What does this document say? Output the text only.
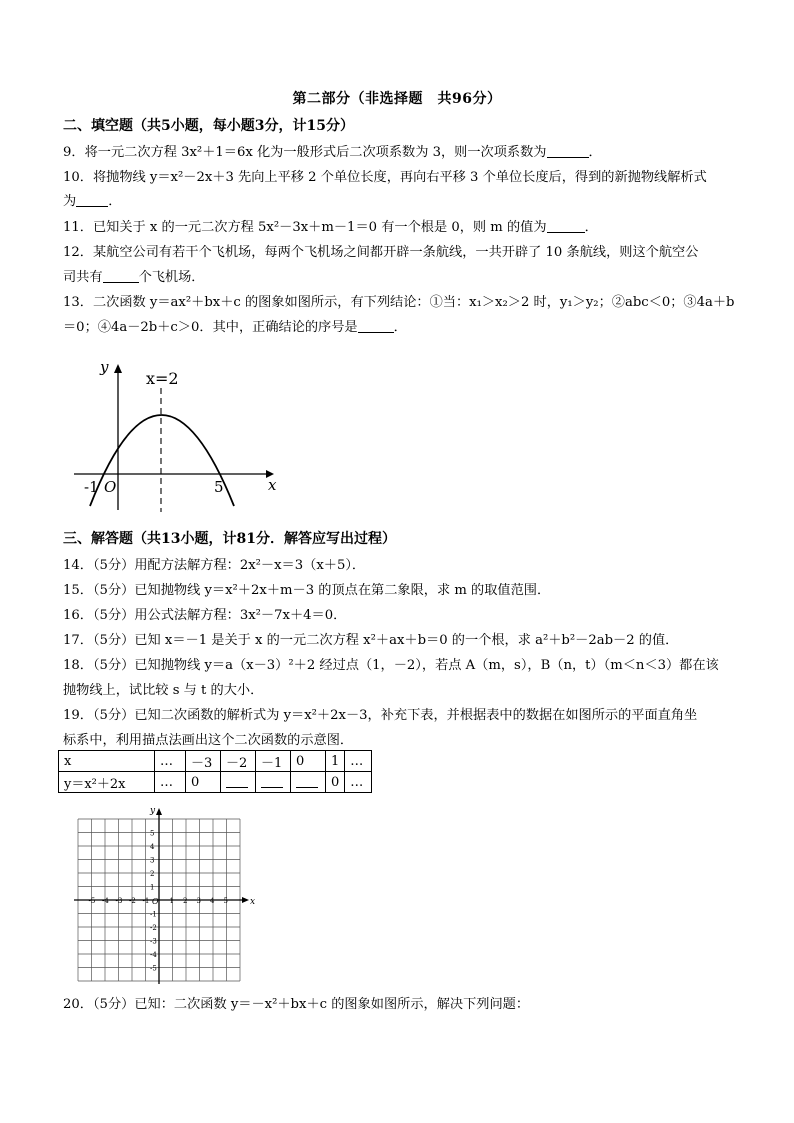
第二部分（非选择题　共96分）
二、填空题（共5小题，每小题3分，计15分）
9．将一元二次方程 3x²＋1＝6x 化为一般形式后二次项系数为 3，则一次项系数为	．
10．将抛物线 y＝x²－2x＋3 先向上平移 2 个单位长度，再向右平移 3 个单位长度后，得到的新抛物线解析式
为 ．
11．已知关于 x 的一元二次方程 5x²－3x＋m－1＝0 有一个根是 0，则 m 的值为	．
12．某航空公司有若干个飞机场，每两个飞机场之间都开辟一条航线，一共开辟了 10 条航线，则这个航空公
司共有	个飞机场．
13．二次函数 y＝ax²＋bx＋c 的图象如图所示，有下列结论：①当：x₁＞x₂＞2 时，y₁＞y₂；②abc＜0；③4a＋b
＝0；④4a－2b＋c＞0．其中，正确结论的序号是	．
y
x=2
x
-1 O	5
三、解答题（共13小题，计81分．解答应写出过程）
14．（5分）用配方法解方程：2x²－x＝3（x＋5）．
15．（5分）已知抛物线 y＝x²＋2x＋m－3 的顶点在第二象限，求 m 的取值范围．
16．（5分）用公式法解方程：3x²－7x＋4＝0．
17．（5分）已知 x＝－1 是关于 x 的一元二次方程 x²＋ax＋b＝0 的一个根，求 a²＋b²－2ab－2 的值．
18．（5分）已知抛物线 y＝a（x－3）²＋2 经过点（1，－2），若点 A（m，s），B（n，t）（m＜n＜3）都在该
抛物线上，试比较 s 与 t 的大小．
19．（5分）已知二次函数的解析式为 y＝x²＋2x－3，补充下表，并根据表中的数据在如图所示的平面直角坐
标系中，利用描点法画出这个二次函数的示意图．
x	…	－3	－2	－1	0	1	…
y＝x²＋2x	…	0				0	…
x
y
O
-5 -4 -3 -2 -1	1 2 3 4 5
5
4
3
2
1
-1
-2
-3
-4
-5
20．（5分）已知：二次函数 y＝－x²＋bx＋c 的图象如图所示，解决下列问题：
